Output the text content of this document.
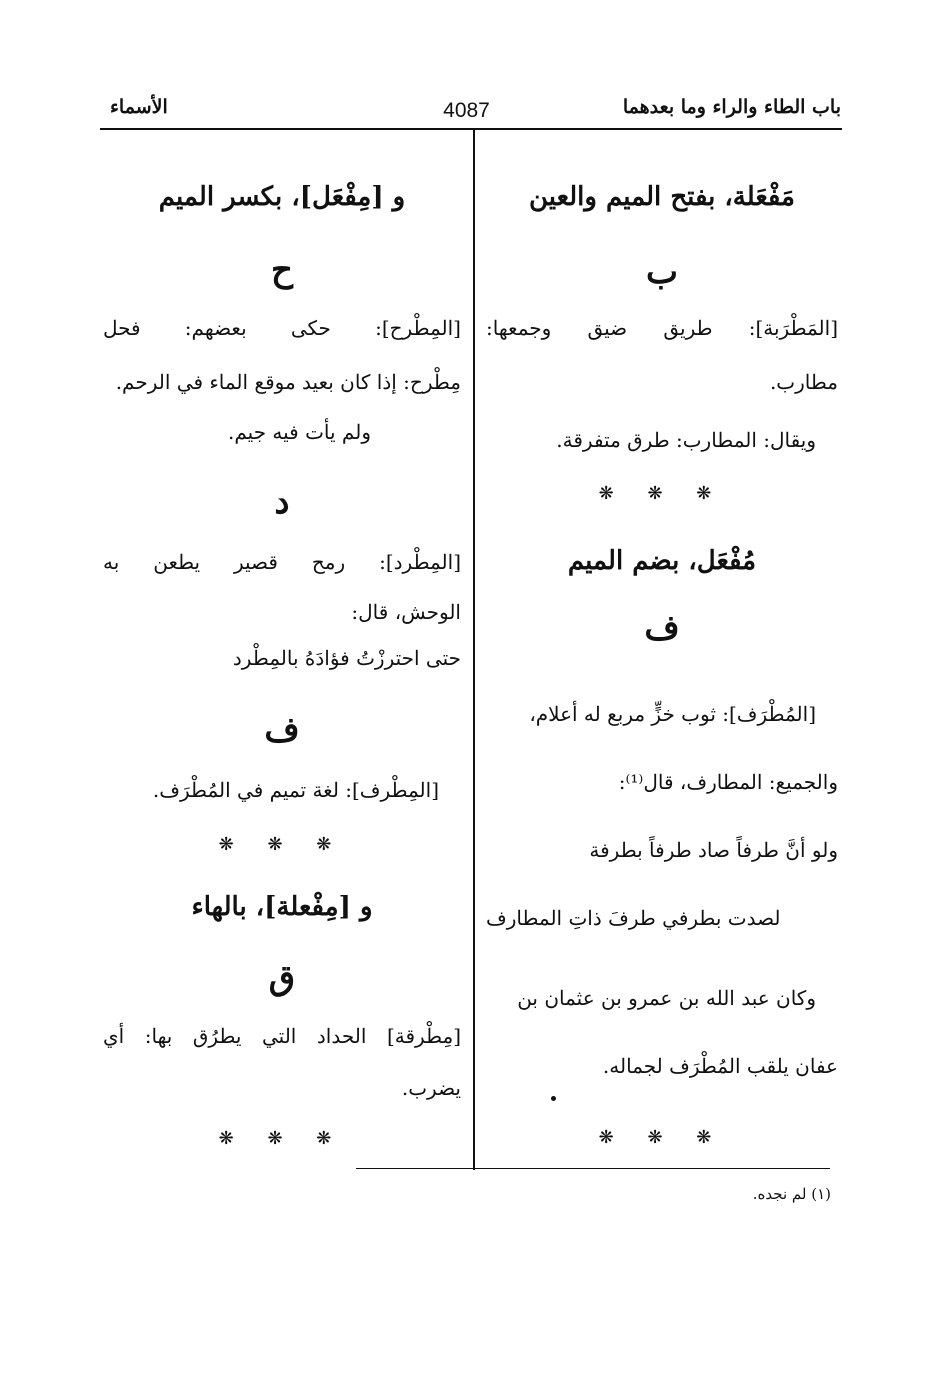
باب الطاء والراء وما بعدهما
4087
الأسماء
مَفْعَلة، بفتح الميم والعين
ب
[المَطْرَبة]: طريق ضيق وجمعها:
مطارب.
ويقال: المطارب: طرق متفرقة.
❋ ❋ ❋
مُفْعَل، بضم الميم
ف
[المُطْرَف]: ثوب خزٍّ مربع له أعلام،
والجميع: المطارف، قال⁽¹⁾:
ولو أنَّ طرفاً صاد طرفاً بطرفة
لصدت بطرفي طرفَ ذاتِ المطارف
وكان عبد الله بن عمرو بن عثمان بن
عفان يلقب المُطْرَف لجماله.
❋ ❋ ❋
و [مِفْعَل]، بكسر الميم
ح
[المِطْرح]: حكى بعضهم: فحل
مِطْرح: إذا كان بعيد موقع الماء في الرحم.
ولم يأت فيه جيم.
د
[المِطْرد]: رمح قصير يطعن به
الوحش، قال:
حتى احترزْتُ فؤادَهُ بالمِطْرد
ف
[المِطْرف]: لغة تميم في المُطْرَف.
❋ ❋ ❋
و [مِفْعلة]، بالهاء
ق
[مِطْرقة] الحداد التي يطرُق بها: أي
يضرب.
❋ ❋ ❋
(١) لم نجده.
